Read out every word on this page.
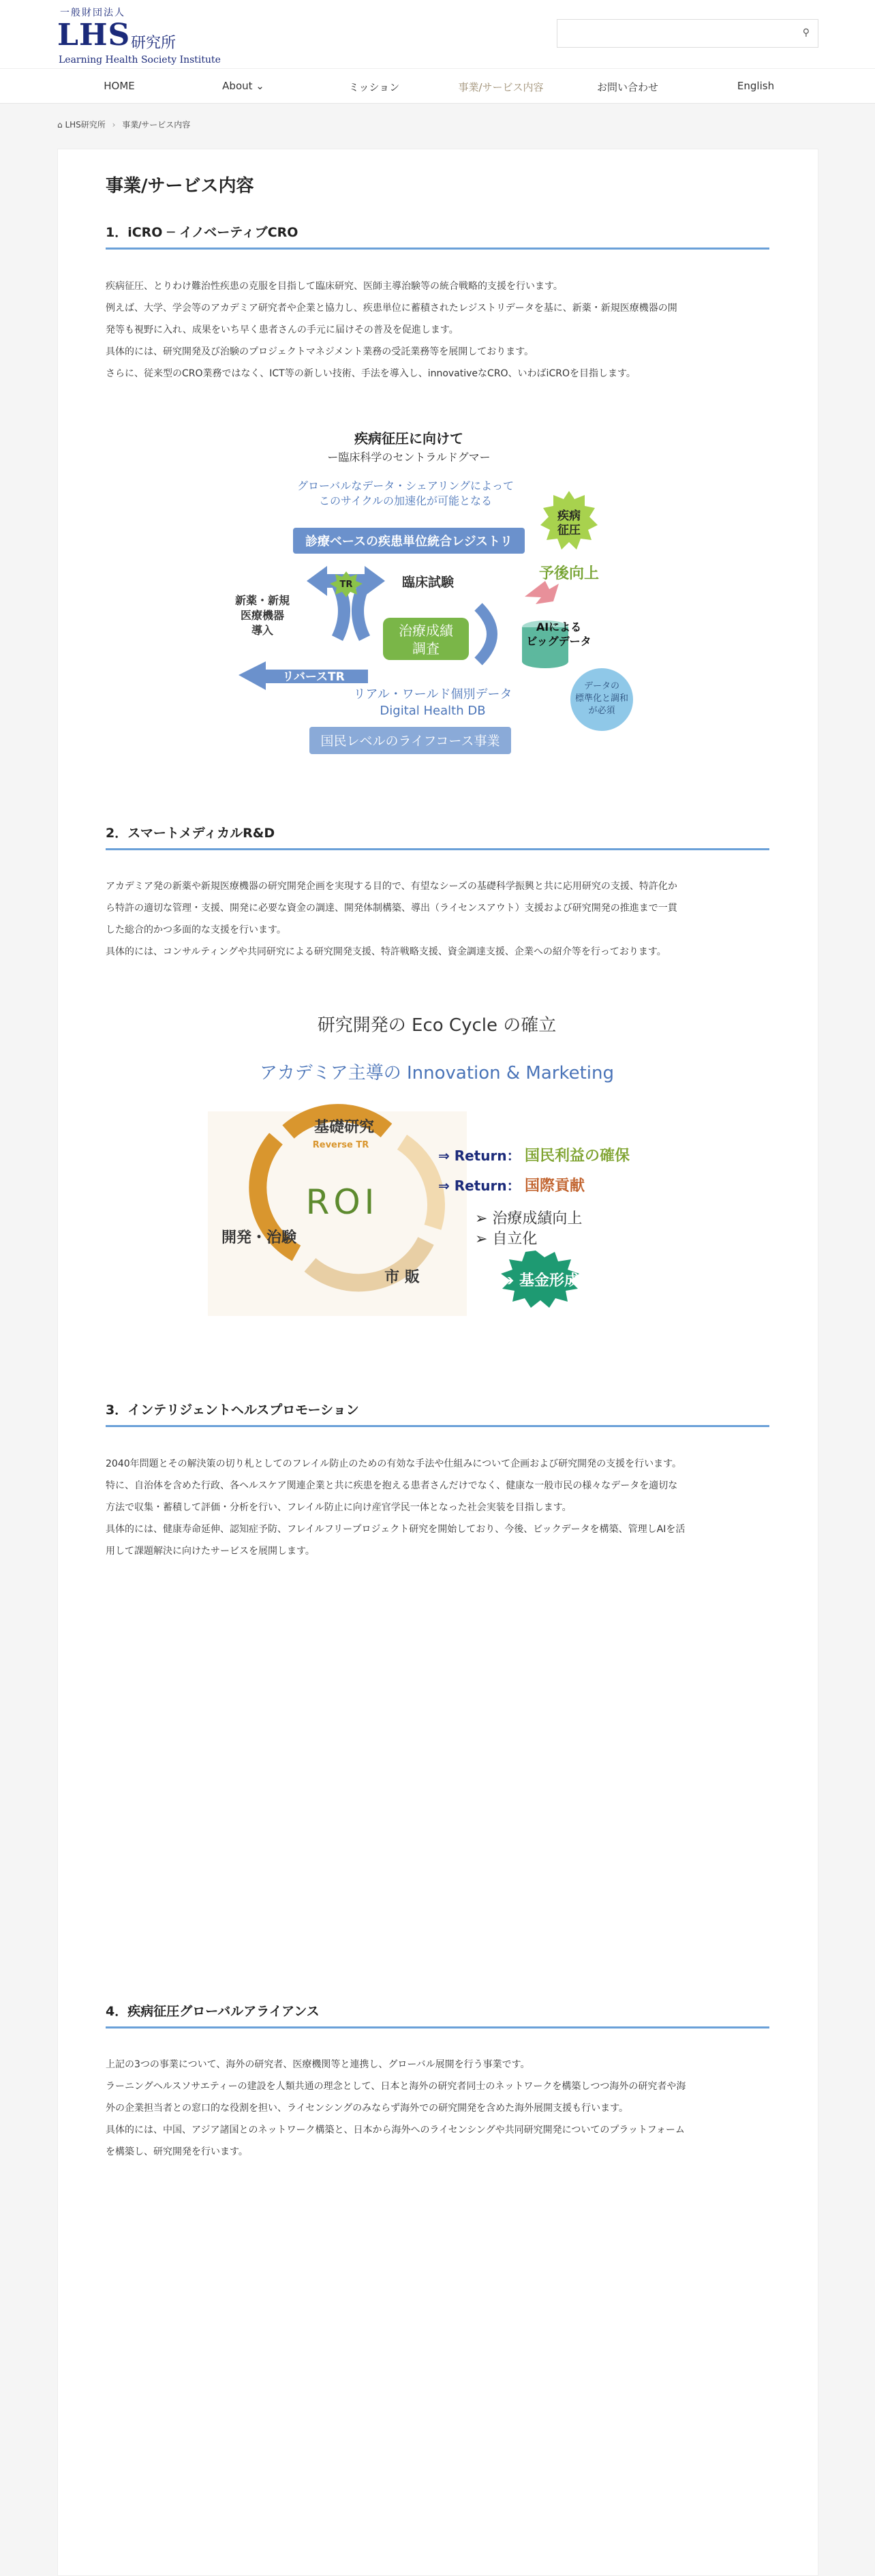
一般財団法人
LHS 研究所
Learning Health Society Institute
⚲
HOME	About ⌄	ミッション	事業/サービス内容	お問い合わせ	English
⌂ LHS研究所 › 事業/サービス内容
事業/サービス内容
1．iCRO ─ イノベーティブCRO

疾病征圧、とりわけ難治性疾患の克服を目指して臨床研究、医師主導治験等の統合戦略的支援を行います。

例えば、大学、学会等のアカデミア研究者や企業と協力し、疾患単位に蓄積されたレジストリデータを基に、新薬・新規医療機器の開

発等も視野に入れ、成果をいち早く患者さんの手元に届けその普及を促進します。

具体的には、研究開発及び治験のプロジェクトマネジメント業務の受託業務等を展開しております。

さらに、従来型のCRO業務ではなく、ICT等の新しい技術、手法を導入し、innovativeなCRO、いわばiCROを目指します。

疾病征圧に向けて
ー臨床科学のセントラルドグマー
グローバルなデータ・シェアリングによって
このサイクルの加速化が可能となる
診療ベースの疾患単位統合レジストリ
疾病
征圧
予後向上
TR	臨床試験
新薬・新規
医療機器
導入	治療成績
調査
AIによる
ビッグデータ
リバースTR
データの
標準化と調和
が必須
リアル・ワールド個別データ
Digital Health DB
国民レベルのライフコース事業
2．スマートメディカルR&D

アカデミア発の新薬や新規医療機器の研究開発企画を実現する目的で、有望なシーズの基礎科学振興と共に応用研究の支援、特許化か

ら特許の適切な管理・支援、開発に必要な資金の調達、開発体制構築、導出（ライセンスアウト）支援および研究開発の推進まで一貫

した総合的かつ多面的な支援を行います。

具体的には、コンサルティングや共同研究による研究開発支援、特許戦略支援、資金調達支援、企業への紹介等を行っております。

研究開発の Eco Cycle の確立
アカデミア主導の Innovation & Marketing
基礎研究
Reverse TR
ROI
開発・治験
市 販
⇒ Return： 国民利益の確保
⇒ Return： 国際貢献
➢ 治療成績向上
➢ 自立化
➔ 基金形成
3．インテリジェントヘルスプロモーション

2040年問題とその解決策の切り札としてのフレイル防止のための有効な手法や仕組みについて企画および研究開発の支援を行います。

特に、自治体を含めた行政、各ヘルスケア関連企業と共に疾患を抱える患者さんだけでなく、健康な一般市民の様々なデータを適切な

方法で収集・蓄積して評価・分析を行い、フレイル防止に向け産官学民一体となった社会実装を目指します。

具体的には、健康寿命延伸、認知症予防、フレイルフリープロジェクト研究を開始しており、今後、ビックデータを構築、管理しAIを活

用して課題解決に向けたサービスを展開します。

4．疾病征圧グローバルアライアンス

上記の3つの事業について、海外の研究者、医療機関等と連携し、グローバル展開を行う事業です。

ラーニングヘルスソサエティーの建設を人類共通の理念として、日本と海外の研究者同士のネットワークを構築しつつ海外の研究者や海

外の企業担当者との窓口的な役割を担い、ライセンシングのみならず海外での研究開発を含めた海外展開支援も行います。

具体的には、中国、アジア諸国とのネットワーク構築と、日本から海外へのライセンシングや共同研究開発についてのプラットフォーム

を構築し、研究開発を行います。
